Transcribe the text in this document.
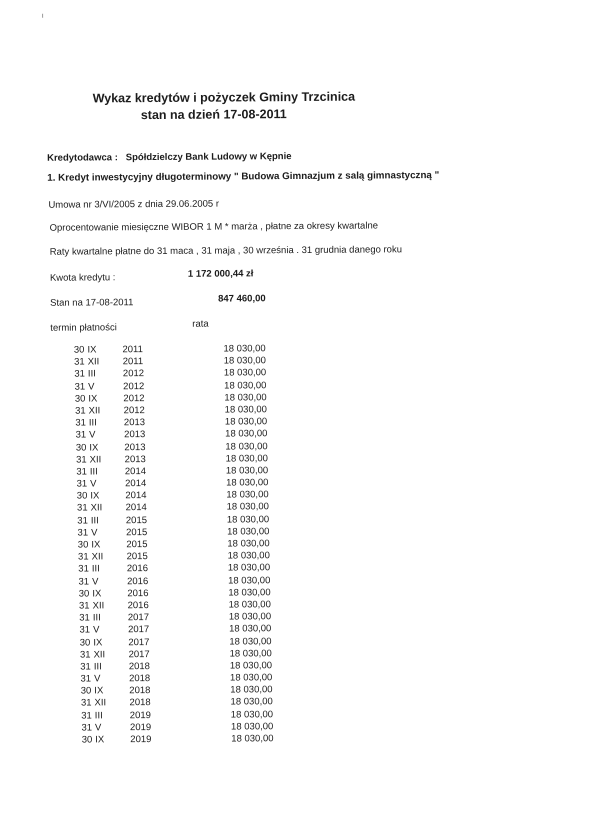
Wykaz kredytów i pożyczek Gminy Trzcinica
stan na dzień 17-08-2011
Kredytodawca : Spółdzielczy Bank Ludowy w Kępnie
1. Kredyt inwestycyjny długoterminowy " Budowa Gimnazjum z salą gimnastyczną "
Umowa nr 3/VI/2005 z dnia 29.06.2005 r
Oprocentowanie miesięczne WIBOR 1 M * marża , płatne za okresy kwartalne
Raty kwartalne płatne do 31 maca , 31 maja , 30 września . 31 grudnia danego roku
Kwota kredytu :	1 172 000,44 zł
Stan na 17-08-2011	847 460,00
termin płatności	rata
30 IX	2011	18 030,00
31 XII	2011	18 030,00
31 III	2012	18 030,00
31 V	2012	18 030,00
30 IX	2012	18 030,00
31 XII	2012	18 030,00
31 III	2013	18 030,00
31 V	2013	18 030,00
30 IX	2013	18 030,00
31 XII	2013	18 030,00
31 III	2014	18 030,00
31 V	2014	18 030,00
30 IX	2014	18 030,00
31 XII	2014	18 030,00
31 III	2015	18 030,00
31 V	2015	18 030,00
30 IX	2015	18 030,00
31 XII	2015	18 030,00
31 III	2016	18 030,00
31 V	2016	18 030,00
30 IX	2016	18 030,00
31 XII	2016	18 030,00
31 III	2017	18 030,00
31 V	2017	18 030,00
30 IX	2017	18 030,00
31 XII	2017	18 030,00
31 III	2018	18 030,00
31 V	2018	18 030,00
30 IX	2018	18 030,00
31 XII	2018	18 030,00
31 III	2019	18 030,00
31 V	2019	18 030,00
30 IX	2019	18 030,00
